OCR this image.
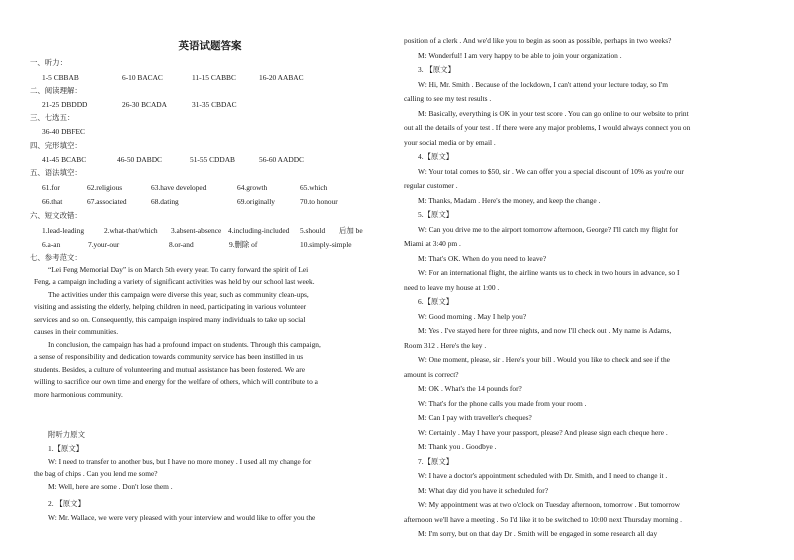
英语试题答案
一、听力：
1-5 CBBAB	6-10 BACAC	11-15 CABBC	16-20 AABAC
二、阅读理解：
21-25 DBDDD	26-30 BCADA	31-35 CBDAC
三、七选五：
36-40 DBFEC
四、完形填空：
41-45 BCABC	46-50 DABDC	51-55 CDDAB	56-60 AADDC
五、语法填空：
61.for	62.religious	63.have developed	64.growth	65.which
66.that	67.associated	68.dating	69.originally	70.to honour
六、短文改错：
1.lead-leading	2.what-that/which 3.absent-absence 4.including-included 5.should 后加 be
6.a-an	7.your-our	8.or-and	9.删除 of	10.simply-simple
七、参考范文：
“Lei Feng Memorial Day” is on March 5th every year. To carry forward the spirit of Lei
Feng, a campaign including a variety of significant activities was held by our school last week.
The activities under this campaign were diverse this year, such as community clean-ups,
visiting and assisting the elderly, helping children in need, participating in various volunteer
services and so on. Consequently, this campaign inspired many individuals to take up social
causes in their communities.
In conclusion, the campaign has had a profound impact on students. Through this campaign,
a sense of responsibility and dedication towards community service has been instilled in us
students. Besides, a culture of volunteering and mutual assistance has been fostered. We are
willing to sacrifice our own time and energy for the welfare of others, which will contribute to a
more harmonious community.
附听力原文
1.【原文】
W: I need to transfer to another bus, but I have no more money . I used all my change for
the bag of chips . Can you lend me some?
M: Well, here are some . Don't lose them .
2. 【原文】
W: Mr. Wallace, we were very pleased with your interview and would like to offer you the
position of a clerk . And we'd like you to begin as soon as possible, perhaps in two weeks?
M: Wonderful! I am very happy to be able to join your organization .
3. 【原文】
W: Hi, Mr. Smith . Because of the lockdown, I can't attend your lecture today, so I'm
calling to see my test results .
M: Basically, everything is OK in your test score . You can go online to our website to print
out all the details of your test . If there were any major problems, I would always connect you on
your social media or by email .
4.【原文】
W: Your total comes to $50, sir . We can offer you a special discount of 10% as you're our
regular customer .
M: Thanks, Madam . Here's the money, and keep the change .
5.【原文】
W: Can you drive me to the airport tomorrow afternoon, George? I'll catch my flight for
Miami at 3:40 pm .
M: That's OK. When do you need to leave?
W: For an international flight, the airline wants us to check in two hours in advance, so I
need to leave my house at 1:00 .
6.【原文】
W: Good morning . May I help you?
M: Yes . I've stayed here for three nights, and now I'll check out . My name is Adams,
Room 312 . Here's the key .
W: One moment, please, sir . Here's your bill . Would you like to check and see if the
amount is correct?
M: OK . What's the 14 pounds for?
W: That's for the phone calls you made from your room .
M: Can I pay with traveller's cheques?
W: Certainly . May I have your passport, please? And please sign each cheque here .
M: Thank you . Goodbye .
7.【原文】
W: I have a doctor's appointment scheduled with Dr. Smith, and I need to change it .
M: What day did you have it scheduled for?
W: My appointment was at two o'clock on Tuesday afternoon, tomorrow . But tomorrow
afternoon we'll have a meeting . So I'd like it to be switched to 10:00 next Thursday morning .
M: I'm sorry, but on that day Dr . Smith will be engaged in some research all day
